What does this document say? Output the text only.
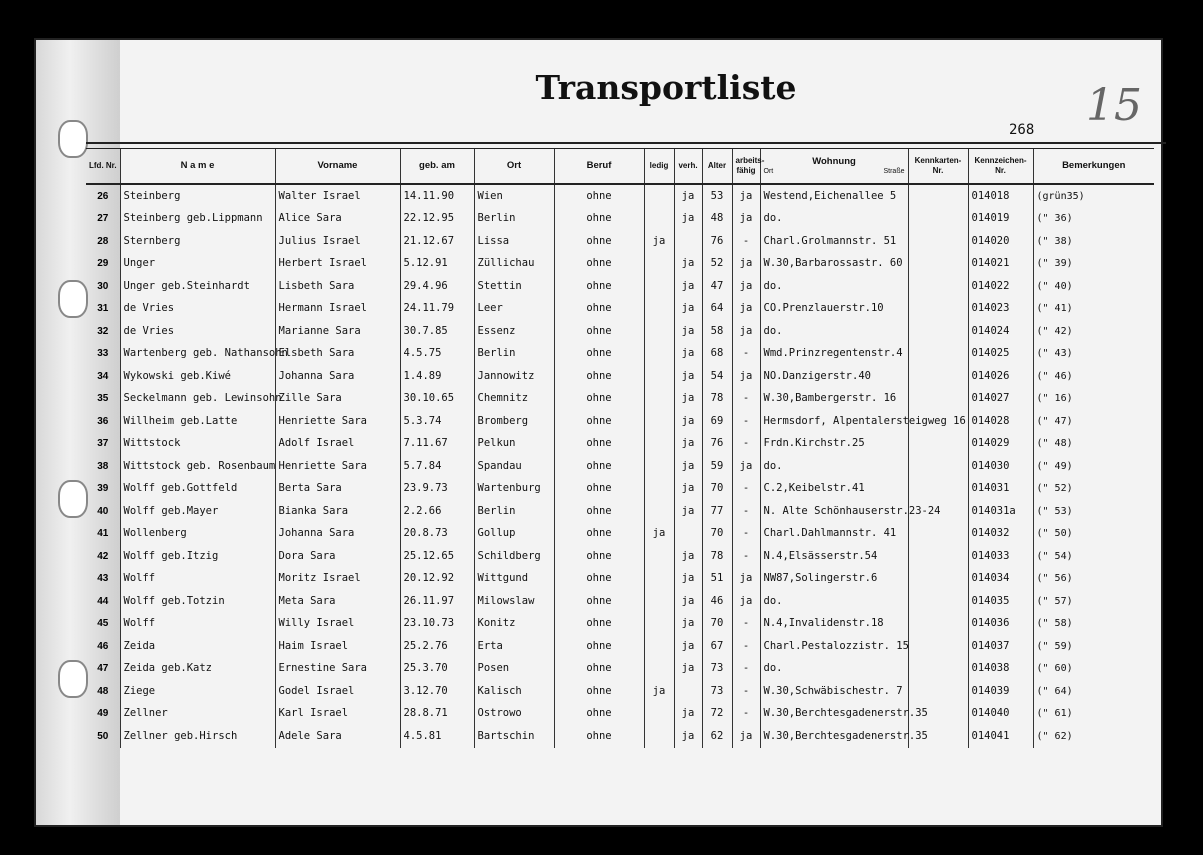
Transportliste
268 15
Lfd. Nr.	N a m e	Vorname	geb. am	Ort	Beruf	ledig	verh.	Alter	arbeits-fähig	Wohnung
Ort Straße	Kennkarten-Nr.	Kennzeichen-Nr.	Bemerkungen
26	Steinberg	Walter Israel	14.11.90	Wien	ohne		ja	53	ja	Westend,Eichenallee 5		014018	(grün35)
27	Steinberg geb.Lippmann	Alice Sara	22.12.95	Berlin	ohne		ja	48	ja	do.		014019	(" 36)
28	Sternberg	Julius Israel	21.12.67	Lissa	ohne	ja		76	-	Charl.Grolmannstr. 51		014020	(" 38)
29	Unger	Herbert Israel	5.12.91	Züllichau	ohne		ja	52	ja	W.30,Barbarossastr. 60		014021	(" 39)
30	Unger geb.Steinhardt	Lisbeth Sara	29.4.96	Stettin	ohne		ja	47	ja	do.		014022	(" 40)
31	de Vries	Hermann Israel	24.11.79	Leer	ohne		ja	64	ja	CO.Prenzlauerstr.10		014023	(" 41)
32	de Vries	Marianne Sara	30.7.85	Essenz	ohne		ja	58	ja	do.		014024	(" 42)
33	Wartenberg geb. Nathansohn	Elsbeth Sara	4.5.75	Berlin	ohne		ja	68	-	Wmd.Prinzregentenstr.4		014025	(" 43)
34	Wykowski geb.Kiwé	Johanna Sara	1.4.89	Jannowitz	ohne		ja	54	ja	NO.Danzigerstr.40		014026	(" 46)
35	Seckelmann geb. Lewinsohn	Zille Sara	30.10.65	Chemnitz	ohne		ja	78	-	W.30,Bambergerstr. 16		014027	(" 16)
36	Willheim geb.Latte	Henriette Sara	5.3.74	Bromberg	ohne		ja	69	-	Hermsdorf, Alpentalersteigweg 16		014028	(" 47)
37	Wittstock	Adolf Israel	7.11.67	Pelkun	ohne		ja	76	-	Frdn.Kirchstr.25		014029	(" 48)
38	Wittstock geb. Rosenbaum	Henriette Sara	5.7.84	Spandau	ohne		ja	59	ja	do.		014030	(" 49)
39	Wolff geb.Gottfeld	Berta Sara	23.9.73	Wartenburg	ohne		ja	70	-	C.2,Keibelstr.41		014031	(" 52)
40	Wolff geb.Mayer	Bianka Sara	2.2.66	Berlin	ohne		ja	77	-	N. Alte Schönhauserstr.23-24		014031a	(" 53)
41	Wollenberg	Johanna Sara	20.8.73	Gollup	ohne	ja		70	-	Charl.Dahlmannstr. 41		014032	(" 50)
42	Wolff geb.Itzig	Dora Sara	25.12.65	Schildberg	ohne		ja	78	-	N.4,Elsässerstr.54		014033	(" 54)
43	Wolff	Moritz Israel	20.12.92	Wittgund	ohne		ja	51	ja	NW87,Solingerstr.6		014034	(" 56)
44	Wolff geb.Totzin	Meta Sara	26.11.97	Milowslaw	ohne		ja	46	ja	do.		014035	(" 57)
45	Wolff	Willy Israel	23.10.73	Konitz	ohne		ja	70	-	N.4,Invalidenstr.18		014036	(" 58)
46	Zeida	Haim Israel	25.2.76	Erta	ohne		ja	67	-	Charl.Pestalozzistr. 15		014037	(" 59)
47	Zeida geb.Katz	Ernestine Sara	25.3.70	Posen	ohne		ja	73	-	do.		014038	(" 60)
48	Ziege	Godel Israel	3.12.70	Kalisch	ohne	ja		73	-	W.30,Schwäbischestr. 7		014039	(" 64)
49	Zellner	Karl Israel	28.8.71	Ostrowo	ohne		ja	72	-	W.30,Berchtesgadenerstr.35		014040	(" 61)
50	Zellner geb.Hirsch	Adele Sara	4.5.81	Bartschin	ohne		ja	62	ja	W.30,Berchtesgadenerstr.35		014041	(" 62)
